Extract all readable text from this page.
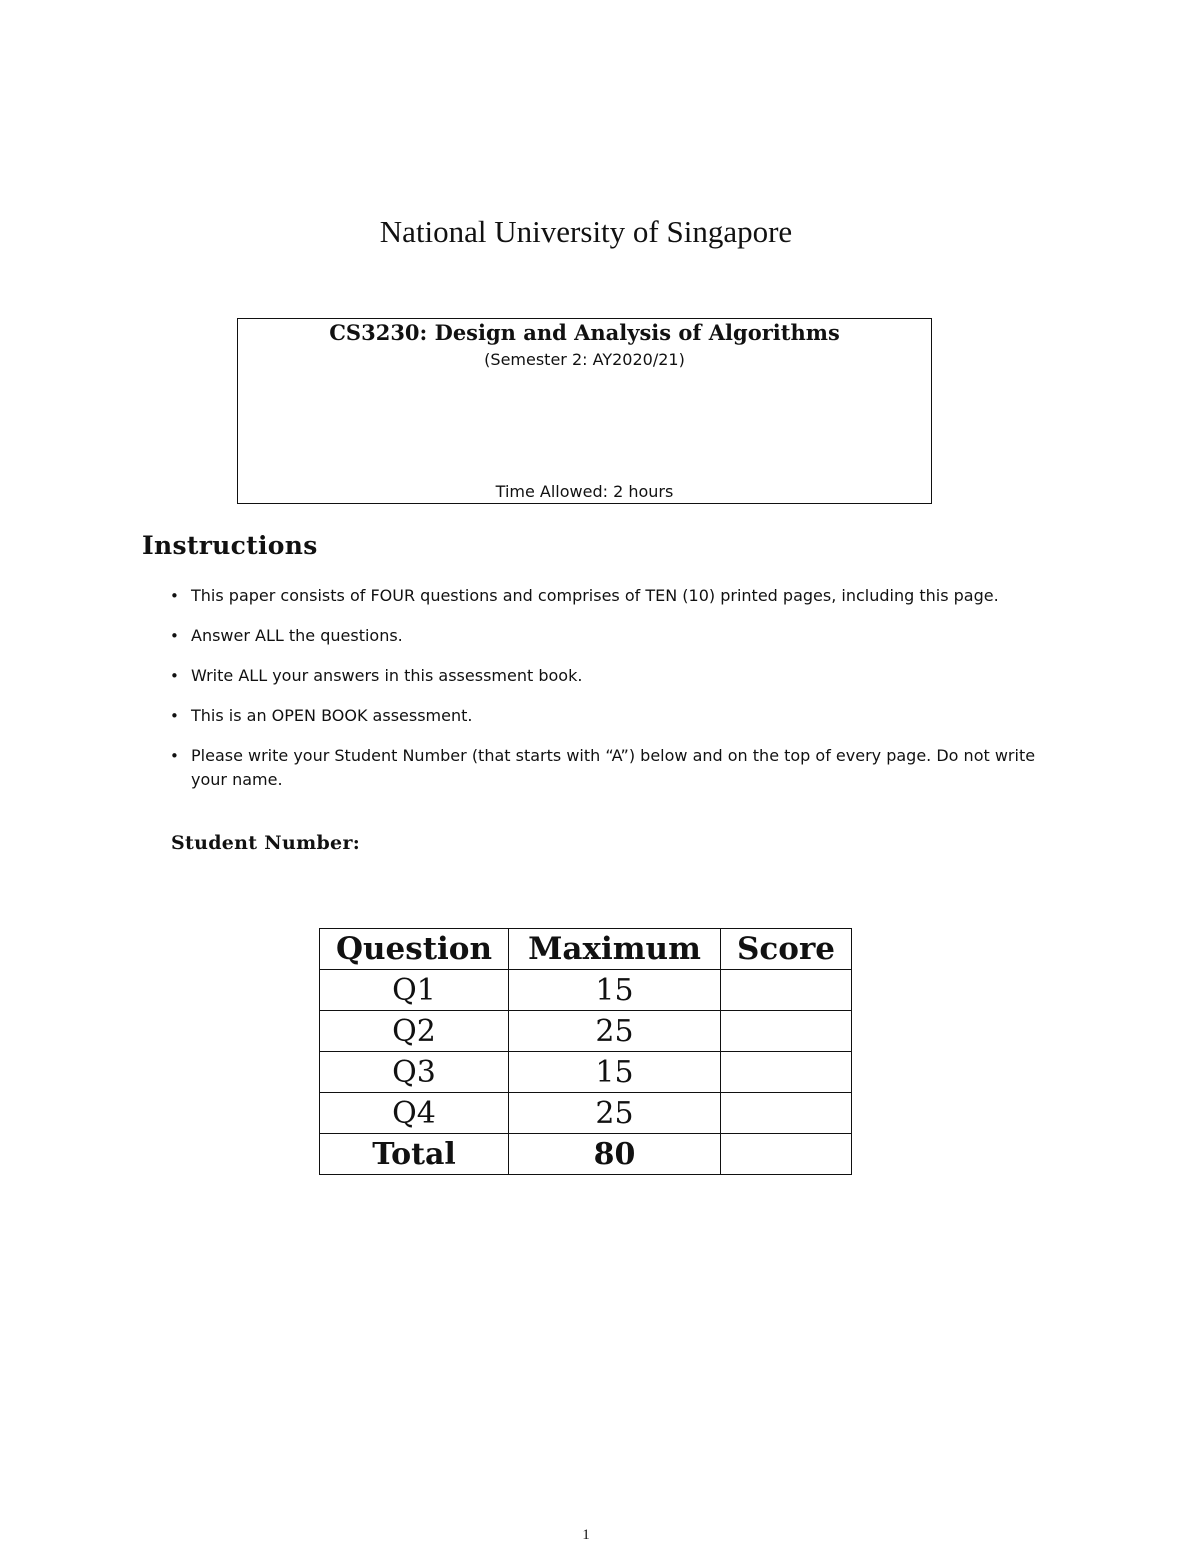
National University of Singapore
CS3230: Design and Analysis of Algorithms
(Semester 2: AY2020/21)
Time Allowed: 2 hours
Instructions
• This paper consists of FOUR questions and comprises of TEN (10) printed pages, including this page.
• Answer ALL the questions.
• Write ALL your answers in this assessment book.
• This is an OPEN BOOK assessment.
• Please write your Student Number (that starts with “A”) below and on the top of every page. Do not write your name.
Student Number:
Question	Maximum	Score
Q1	15	
Q2	25	
Q3	15	
Q4	25	
Total	80	
1
